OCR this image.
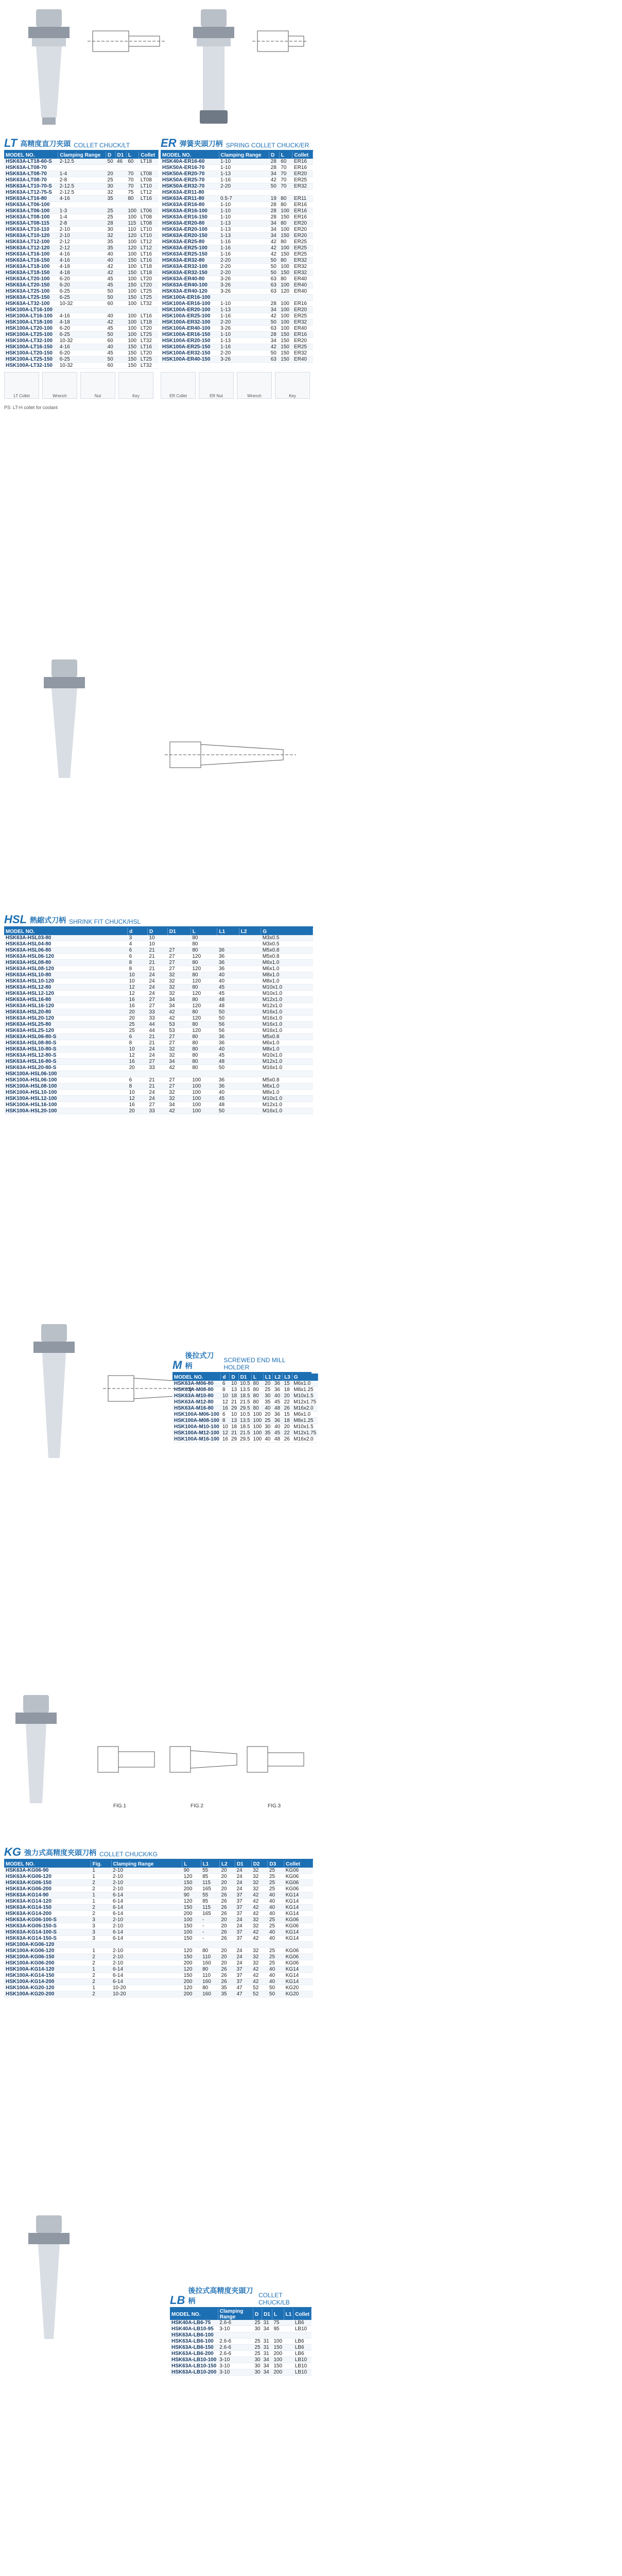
LT 高精度直刀夹頭 COLLET CHUCK/LT
MODEL NO.	Clamping Range	D	D1	L	Collet
HSK63A-LT18-60-S	2-12.5	50	46	60	LT18
HSK63A-LT08-70					
HSK63A-LT08-70	1-4	20		70	LT08
HSK63A-LT08-70	2-8	25		70	LT08
HSK63A-LT10-70-S	2-12.5	30		70	LT10
HSK63A-LT12-75-S	2-12.5	32		75	LT12
HSK63A-LT16-80	4-16	35		80	LT16
HSK63A-LT06-100					
HSK63A-LT06-100	1-3	25		100	LT06
HSK63A-LT08-100	1-4	25		100	LT08
HSK63A-LT08-115	2-8	28		115	LT08
HSK63A-LT10-110	2-10	30		110	LT10
HSK63A-LT10-120	2-10	32		120	LT10
HSK63A-LT12-100	2-12	35		100	LT12
HSK63A-LT12-120	2-12	35		120	LT12
HSK63A-LT16-100	4-16	40		100	LT16
HSK63A-LT16-150	4-16	40		150	LT16
HSK63A-LT18-100	4-18	42		100	LT18
HSK63A-LT18-150	4-18	42		150	LT18
HSK63A-LT20-100	6-20	45		100	LT20
HSK63A-LT20-150	6-20	45		150	LT20
HSK63A-LT25-100	6-25	50		100	LT25
HSK63A-LT25-150	6-25	50		150	LT25
HSK63A-LT32-100	10-32	60		100	LT32
HSK100A-LT16-100					
HSK100A-LT16-100	4-16	40		100	LT16
HSK100A-LT18-100	4-18	42		100	LT18
HSK100A-LT20-100	6-20	45		100	LT20
HSK100A-LT25-100	6-25	50		100	LT25
HSK100A-LT32-100	10-32	60		100	LT32
HSK100A-LT16-150	4-16	40		150	LT16
HSK100A-LT20-150	6-20	45		150	LT20
HSK100A-LT25-150	6-25	50		150	LT25
HSK100A-LT32-150	10-32	60		150	LT32
ER 弹簧夹頭刀柄 SPRING COLLET CHUCK/ER
MODEL NO.	Clamping Range	D	L	Collet
HSK40A-ER16-60	1-10	28	60	ER16
HSK50A-ER16-70	1-10	28	70	ER16
HSK50A-ER20-70	1-13	34	70	ER20
HSK50A-ER25-70	1-16	42	70	ER25
HSK50A-ER32-70	2-20	50	70	ER32
HSK63A-ER11-80				
HSK63A-ER11-80	0.5-7	19	80	ER11
HSK63A-ER16-80	1-10	28	80	ER16
HSK63A-ER16-100	1-10	28	100	ER16
HSK63A-ER16-150	1-10	28	150	ER16
HSK63A-ER20-80	1-13	34	80	ER20
HSK63A-ER20-100	1-13	34	100	ER20
HSK63A-ER20-150	1-13	34	150	ER20
HSK63A-ER25-80	1-16	42	80	ER25
HSK63A-ER25-100	1-16	42	100	ER25
HSK63A-ER25-150	1-16	42	150	ER25
HSK63A-ER32-80	2-20	50	80	ER32
HSK63A-ER32-100	2-20	50	100	ER32
HSK63A-ER32-150	2-20	50	150	ER32
HSK63A-ER40-80	3-26	63	80	ER40
HSK63A-ER40-100	3-26	63	100	ER40
HSK63A-ER40-120	3-26	63	120	ER40
HSK100A-ER16-100				
HSK100A-ER16-100	1-10	28	100	ER16
HSK100A-ER20-100	1-13	34	100	ER20
HSK100A-ER25-100	1-16	42	100	ER25
HSK100A-ER32-100	2-20	50	100	ER32
HSK100A-ER40-100	3-26	63	100	ER40
HSK100A-ER16-150	1-10	28	150	ER16
HSK100A-ER20-150	1-13	34	150	ER20
HSK100A-ER25-150	1-16	42	150	ER25
HSK100A-ER32-150	2-20	50	150	ER32
HSK100A-ER40-150	3-26	63	150	ER40
LT Collet	Wrench	Nut	Key
PS: LT-H collet for coolant
ER Collet	ER Nut	Wrench	Key
HSL 熱縮式刀柄 SHRINK FIT CHUCK/HSL
MODEL NO.	d	D	D1	L	L1	L2	G
HSK63A-HSL03-80	3	10		80			M3x0.5
HSK63A-HSL04-80	4	10		80			M3x0.5
HSK63A-HSL06-80	6	21	27	80	36		M5x0.8
HSK63A-HSL06-120	6	21	27	120	36		M5x0.8
HSK63A-HSL08-80	8	21	27	80	36		M6x1.0
HSK63A-HSL08-120	8	21	27	120	36		M6x1.0
HSK63A-HSL10-80	10	24	32	80	40		M8x1.0
HSK63A-HSL10-120	10	24	32	120	40		M8x1.0
HSK63A-HSL12-80	12	24	32	80	45		M10x1.0
HSK63A-HSL12-120	12	24	32	120	45		M10x1.0
HSK63A-HSL16-80	16	27	34	80	48		M12x1.0
HSK63A-HSL16-120	16	27	34	120	48		M12x1.0
HSK63A-HSL20-80	20	33	42	80	50		M16x1.0
HSK63A-HSL20-120	20	33	42	120	50		M16x1.0
HSK63A-HSL25-80	25	44	53	80	56		M16x1.0
HSK63A-HSL25-120	25	44	53	120	56		M16x1.0
HSK63A-HSL06-80-S	6	21	27	80	36		M5x0.8
HSK63A-HSL08-80-S	8	21	27	80	36		M6x1.0
HSK63A-HSL10-80-S	10	24	32	80	40		M8x1.0
HSK63A-HSL12-80-S	12	24	32	80	45		M10x1.0
HSK63A-HSL16-80-S	16	27	34	80	48		M12x1.0
HSK63A-HSL20-80-S	20	33	42	80	50		M16x1.0
HSK100A-HSL06-100							
HSK100A-HSL06-100	6	21	27	100	36		M5x0.8
HSK100A-HSL08-100	8	21	27	100	36		M6x1.0
HSK100A-HSL10-100	10	24	32	100	40		M8x1.0
HSK100A-HSL12-100	12	24	32	100	45		M10x1.0
HSK100A-HSL16-100	16	27	34	100	48		M12x1.0
HSK100A-HSL20-100	20	33	42	100	50		M16x1.0
M
後拉式刀柄
SCREWED END MILL HOLDER
MODEL NO.	d	D	D1	L	L1	L2	L3	G
HSK63A-M06-80	6	10	10.5	80	20	36	15	M6x1.0
HSK63A-M08-80	8	13	13.5	80	25	36	18	M8x1.25
HSK63A-M10-80	10	18	18.5	80	30	40	20	M10x1.5
HSK63A-M12-80	12	21	21.5	80	35	45	22	M12x1.75
HSK63A-M16-80	16	29	29.5	80	40	48	26	M16x2.0
HSK100A-M06-100	6	10	10.5	100	20	36	15	M6x1.0
HSK100A-M08-100	8	13	13.5	100	25	36	18	M8x1.25
HSK100A-M10-100	10	18	18.5	100	30	40	20	M10x1.5
HSK100A-M12-100	12	21	21.5	100	35	45	22	M12x1.75
HSK100A-M16-100	16	29	29.5	100	40	48	26	M16x2.0
FIG.1	FIG.2	FIG.3
KG 強力式高精度夹頭刀柄 COLLET CHUCK/KG
MODEL NO.	Fig.	Clamping Range	L	L1	L2	D1	D2	D3	Collet
HSK63A-KG06-90	1	2-10	90	55	20	24	32	25	KG06
HSK63A-KG06-120	1	2-10	120	85	20	24	32	25	KG06
HSK63A-KG06-150	2	2-10	150	115	20	24	32	25	KG06
HSK63A-KG06-200	2	2-10	200	165	20	24	32	25	KG06
HSK63A-KG14-90	1	6-14	90	55	26	37	42	40	KG14
HSK63A-KG14-120	1	6-14	120	85	26	37	42	40	KG14
HSK63A-KG14-150	2	6-14	150	115	26	37	42	40	KG14
HSK63A-KG14-200	2	6-14	200	165	26	37	42	40	KG14
HSK63A-KG06-100-S	3	2-10	100	-	20	24	32	25	KG06
HSK63A-KG06-150-S	3	2-10	150	-	20	24	32	25	KG06
HSK63A-KG14-100-S	3	6-14	100	-	26	37	42	40	KG14
HSK63A-KG14-150-S	3	6-14	150	-	26	37	42	40	KG14
HSK100A-KG06-120									
HSK100A-KG06-120	1	2-10	120	80	20	24	32	25	KG06
HSK100A-KG06-150	2	2-10	150	110	20	24	32	25	KG06
HSK100A-KG06-200	2	2-10	200	160	20	24	32	25	KG06
HSK100A-KG14-120	1	6-14	120	80	26	37	42	40	KG14
HSK100A-KG14-150	2	6-14	150	110	26	37	42	40	KG14
HSK100A-KG14-200	2	6-14	200	160	26	37	42	40	KG14
HSK100A-KG20-120	1	10-20	120	80	35	47	52	50	KG20
HSK100A-KG20-200	2	10-20	200	160	35	47	52	50	KG20
LB
後拉式高精度夹頭刀柄
COLLET CHUCK/LB
MODEL NO.	Clamping Range	D	D1	L	L1	Collet
HSK40A-LB6-75	2.6-6	25	31	75		LB6
HSK40A-LB10-95	3-10	30	34	95		LB10
HSK63A-LB6-100						
HSK63A-LB6-100	2.6-6	25	31	100		LB6
HSK63A-LB6-150	2.6-6	25	31	150		LB6
HSK63A-LB6-200	2.6-6	25	31	200		LB6
HSK63A-LB10-100	3-10	30	34	100		LB10
HSK63A-LB10-150	3-10	30	34	150		LB10
HSK63A-LB10-200	3-10	30	34	200		LB10
